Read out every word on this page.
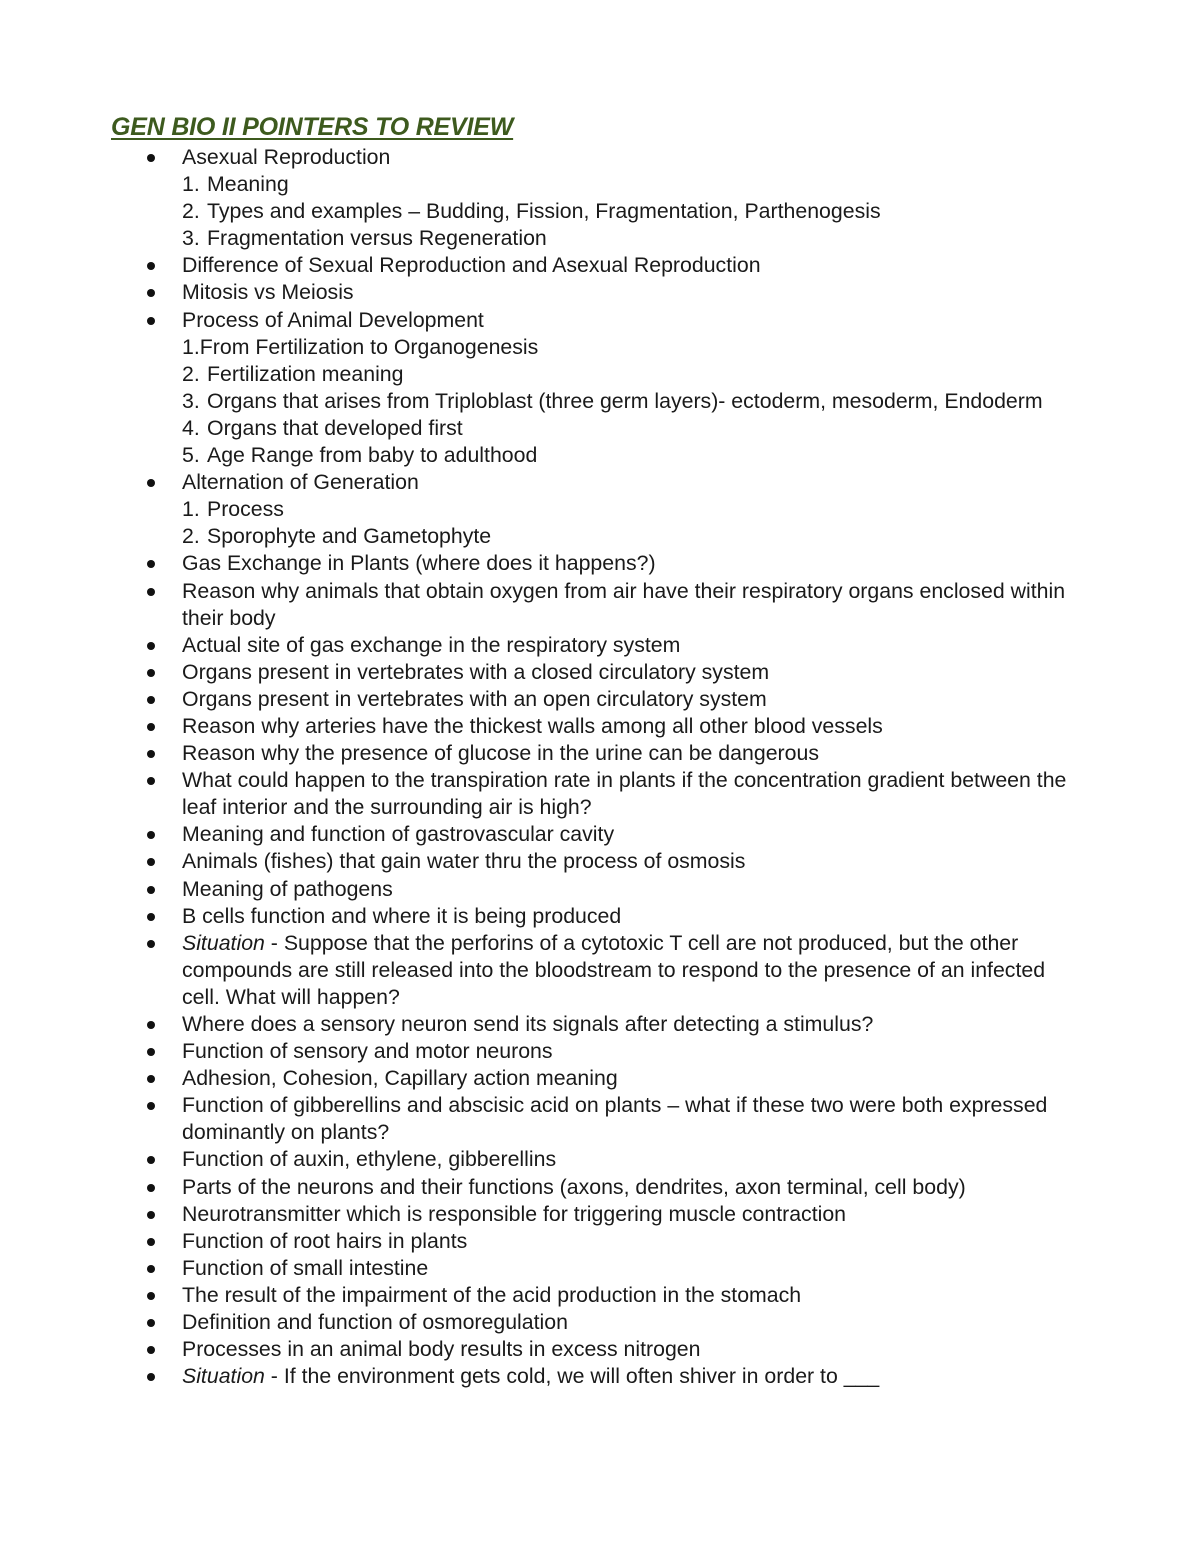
GEN BIO II POINTERS TO REVIEW
Asexual Reproduction
1. Meaning
2. Types and examples – Budding, Fission, Fragmentation, Parthenogesis
3. Fragmentation versus Regeneration
Difference of Sexual Reproduction and Asexual Reproduction
Mitosis vs Meiosis
Process of Animal Development
1.From Fertilization to Organogenesis
2. Fertilization meaning
3. Organs that arises from Triploblast (three germ layers)- ectoderm, mesoderm, Endoderm
4. Organs that developed first
5. Age Range from baby to adulthood
Alternation of Generation
1. Process
2. Sporophyte and Gametophyte
Gas Exchange in Plants (where does it happens?)
Reason why animals that obtain oxygen from air have their respiratory organs enclosed within their body
Actual site of gas exchange in the respiratory system
Organs present in vertebrates with a closed circulatory system
Organs present in vertebrates with an open circulatory system
Reason why arteries have the thickest walls among all other blood vessels
Reason why the presence of glucose in the urine can be dangerous
What could happen to the transpiration rate in plants if the concentration gradient between the leaf interior and the surrounding air is high?
Meaning and function of gastrovascular cavity
Animals (fishes) that gain water thru the process of osmosis
Meaning of pathogens
B cells function and where it is being produced
Situation - Suppose that the perforins of a cytotoxic T cell are not produced, but the other compounds are still released into the bloodstream to respond to the presence of an infected cell. What will happen?
Where does a sensory neuron send its signals after detecting a stimulus?
Function of sensory and motor neurons
Adhesion, Cohesion, Capillary action meaning
Function of gibberellins and abscisic acid on plants – what if these two were both expressed dominantly on plants?
Function of auxin, ethylene, gibberellins
Parts of the neurons and their functions (axons, dendrites, axon terminal, cell body)
Neurotransmitter which is responsible for triggering muscle contraction
Function of root hairs in plants
Function of small intestine
The result of the impairment of the acid production in the stomach
Definition and function of osmoregulation
Processes in an animal body results in excess nitrogen
Situation - If the environment gets cold, we will often shiver in order to ___
